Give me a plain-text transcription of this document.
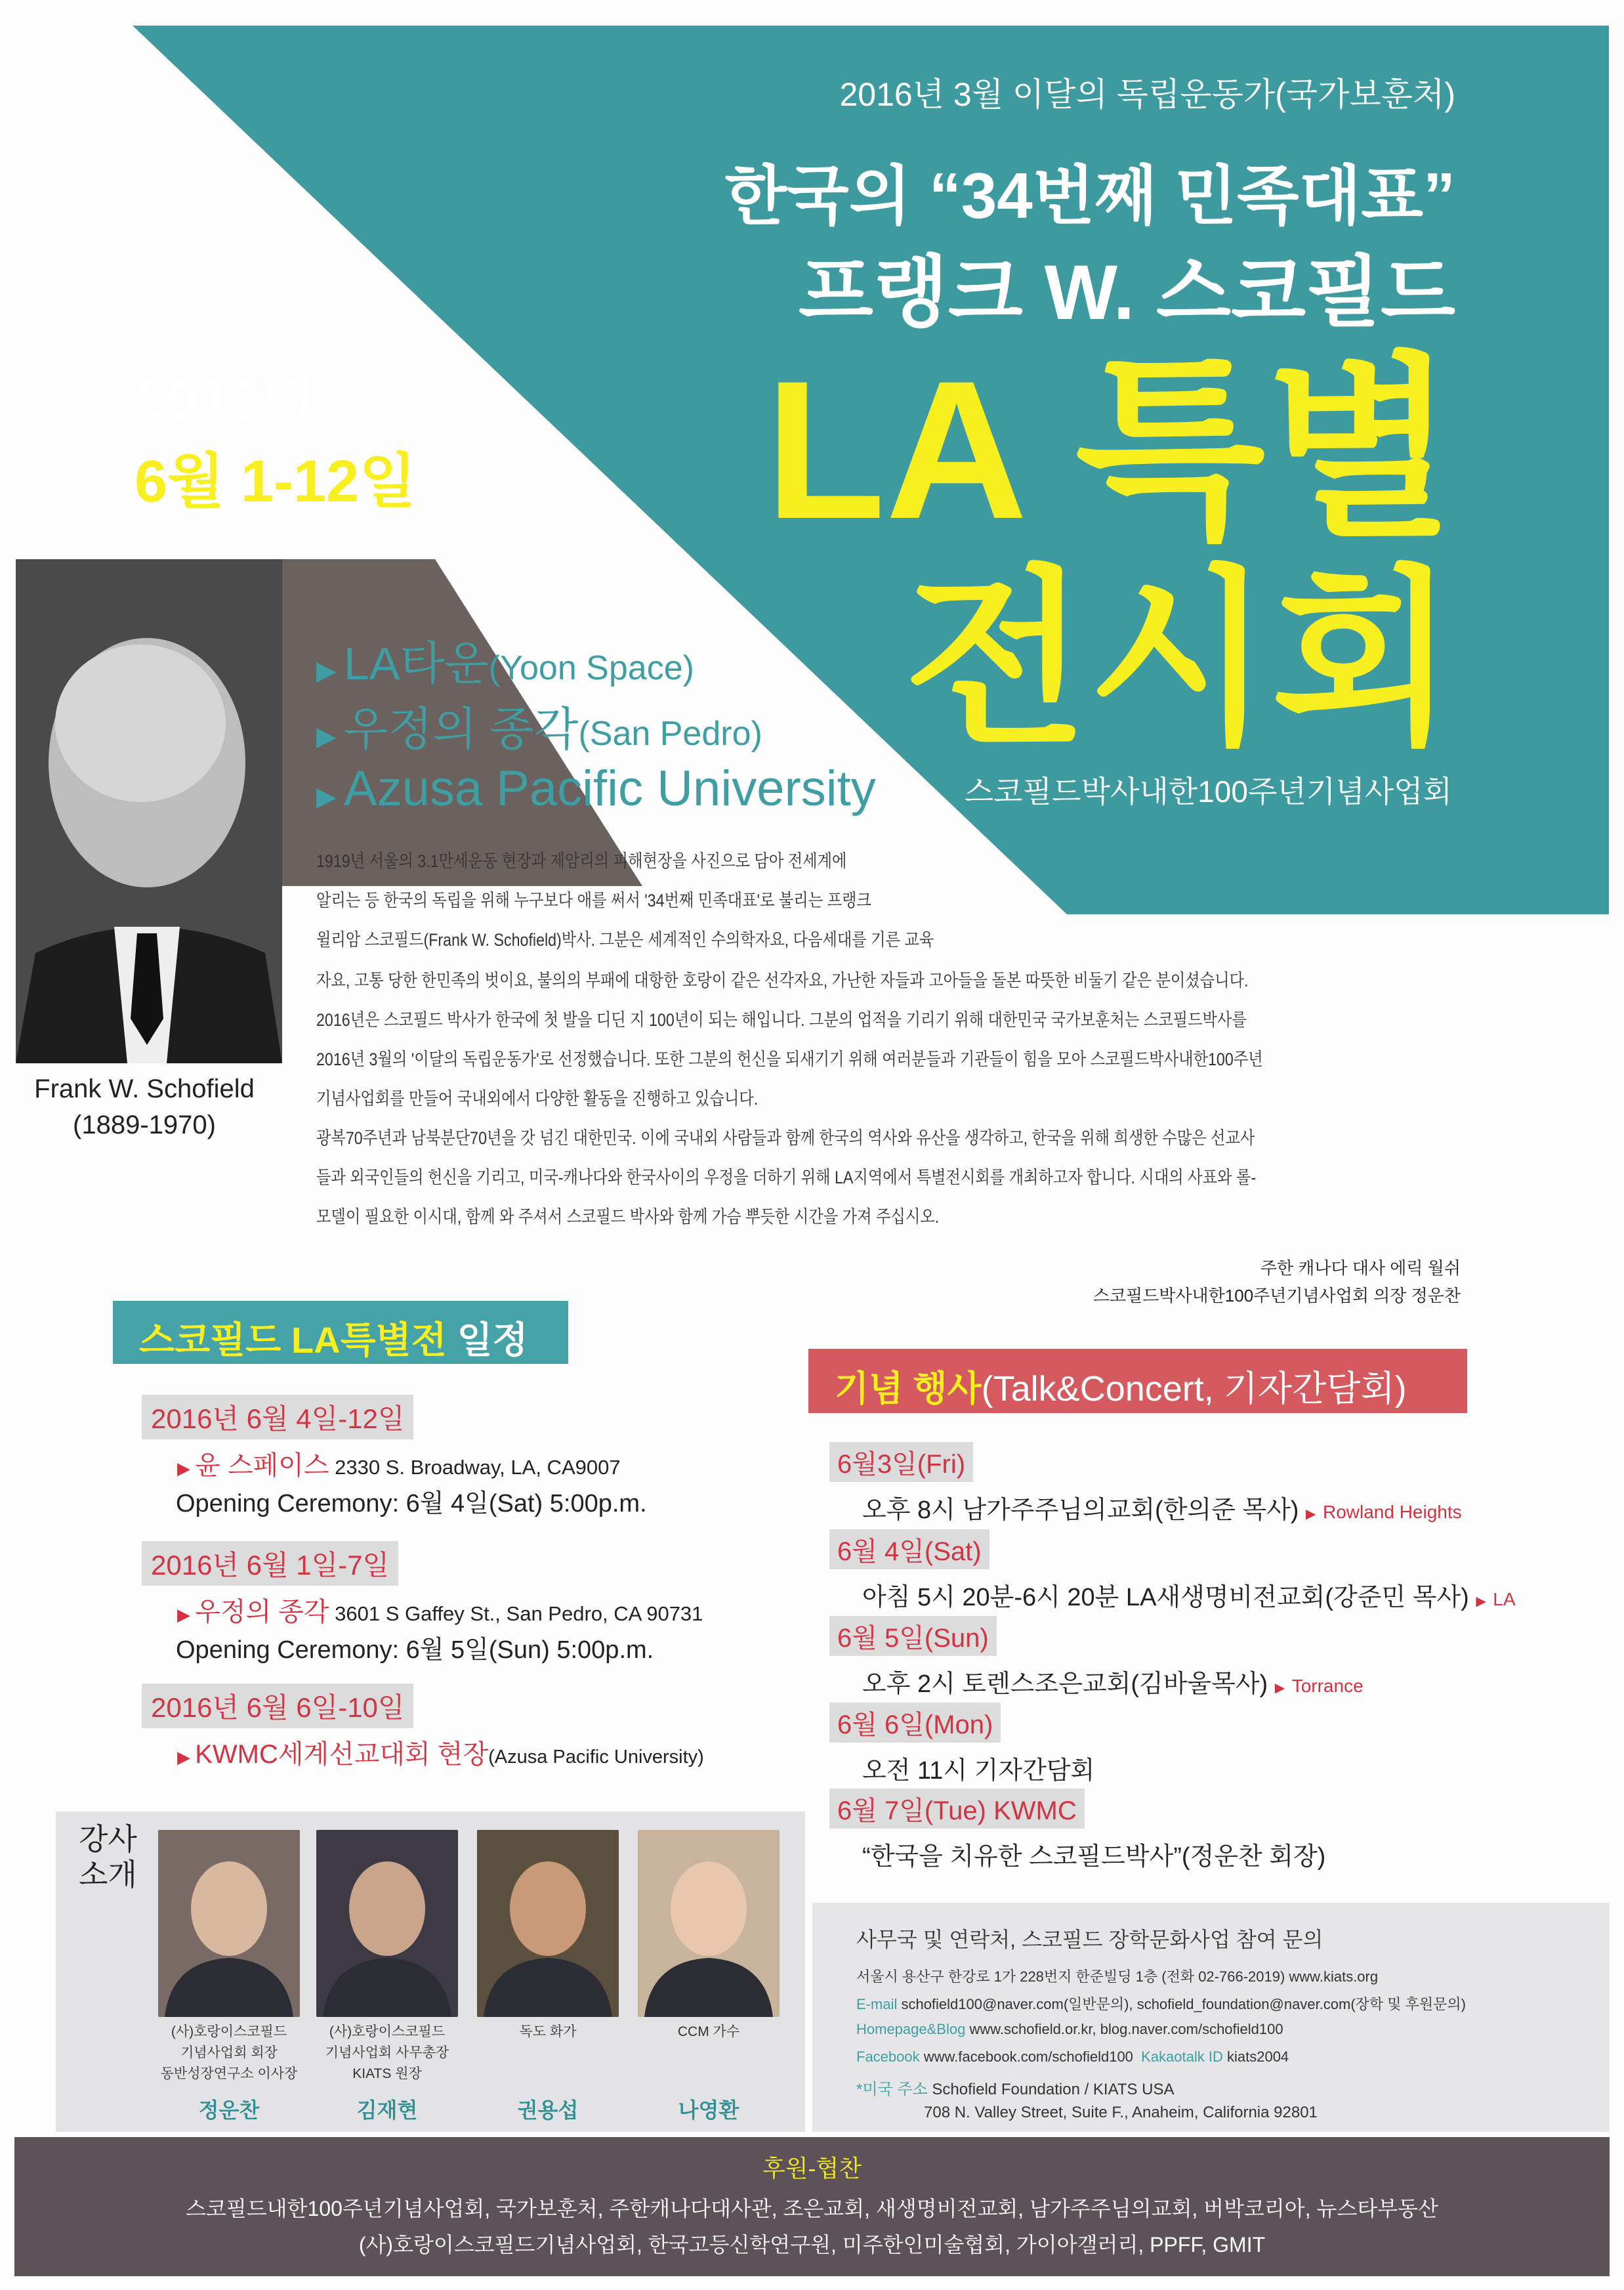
2016년 3월 이달의 독립운동가(국가보훈처)
한국의 “34번째 민족대표”
프랭크 W. 스코필드
LA 특별
전시회
스코필드박사내한100주년기념사업회
2016년
6월 1-12일
Frank W. Schofield
(1889-1970)
▶ LA타운(Yoon Space)
▶ 우정의 종각(San Pedro)
▶ Azusa Pacific University
1919년 서울의 3.1만세운동 현장과 제암리의 피해현장을 사진으로 담아 전세계에
알리는 등 한국의 독립을 위해 누구보다 애를 써서 '34번째 민족대표'로 불리는 프랭크
윌리암 스코필드(Frank W. Schofield)박사. 그분은 세계적인 수의학자요, 다음세대를 기른 교육
자요, 고통 당한 한민족의 벗이요, 불의의 부패에 대항한 호랑이 같은 선각자요, 가난한 자들과 고아들을 돌본 따뜻한 비둘기 같은 분이셨습니다.
2016년은 스코필드 박사가 한국에 첫 발을 디딘 지 100년이 되는 해입니다. 그분의 업적을 기리기 위해 대한민국 국가보훈처는 스코필드박사를
2016년 3월의 '이달의 독립운동가'로 선정했습니다. 또한 그분의 헌신을 되새기기 위해 여러분들과 기관들이 힘을 모아 스코필드박사내한100주년
기념사업회를 만들어 국내외에서 다양한 활동을 진행하고 있습니다.
광복70주년과 남북분단70년을 갓 넘긴 대한민국. 이에 국내외 사람들과 함께 한국의 역사와 유산을 생각하고, 한국을 위해 희생한 수많은 선교사
들과 외국인들의 헌신을 기리고, 미국-캐나다와 한국사이의 우정을 더하기 위해 LA지역에서 특별전시회를 개최하고자 합니다. 시대의 사표와 롤-
모델이 필요한 이시대, 함께 와 주셔서 스코필드 박사와 함께 가슴 뿌듯한 시간을 가져 주십시오.
주한 캐나다 대사 에릭 월쉬
스코필드박사내한100주년기념사업회 의장 정운찬
스코필드 LA특별전 일정
2016년 6월 4일-12일
▶ 윤 스페이스 2330 S. Broadway, LA, CA9007
Opening Ceremony: 6월 4일(Sat) 5:00p.m.
2016년 6월 1일-7일
▶ 우정의 종각 3601 S Gaffey St., San Pedro, CA 90731
Opening Ceremony: 6월 5일(Sun) 5:00p.m.
2016년 6월 6일-10일
▶ KWMC세계선교대회 현장(Azusa Pacific University)
기념 행사(Talk&Concert, 기자간담회)
6월3일(Fri)
오후 8시 남가주주님의교회(한의준 목사) ▶ Rowland Heights
6월 4일(Sat)
아침 5시 20분-6시 20분 LA새생명비전교회(강준민 목사) ▶ LA
6월 5일(Sun)
오후 2시 토렌스조은교회(김바울목사) ▶ Torrance
6월 6일(Mon)
오전 11시 기자간담회
6월 7일(Tue) KWMC
“한국을 치유한 스코필드박사”(정운찬 회장)
강사
소개
(사)호랑이스코필드
기념사업회 회장
동반성장연구소 이사장
정운찬
(사)호랑이스코필드
기념사업회 사무총장
KIATS 원장
김재현
독도 화가
권용섭
CCM 가수
나영환
사무국 및 연락처, 스코필드 장학문화사업 참여 문의
서울시 용산구 한강로 1가 228번지 한준빌딩 1층 (전화 02-766-2019) www.kiats.org
E-mail schofield100@naver.com(일반문의), schofield_foundation@naver.com(장학 및 후원문의)
Homepage&Blog www.schofield.or.kr, blog.naver.com/schofield100
Facebook www.facebook.com/schofield100  Kakaotalk ID kiats2004
*미국 주소 Schofield Foundation / KIATS USA
708 N. Valley Street, Suite F., Anaheim, California 92801
후원-협찬
스코필드내한100주년기념사업회, 국가보훈처, 주한캐나다대사관, 조은교회, 새생명비전교회, 남가주주님의교회, 버박코리아, 뉴스타부동산
(사)호랑이스코필드기념사업회, 한국고등신학연구원, 미주한인미술협회, 가이아갤러리, PPFF, GMIT
